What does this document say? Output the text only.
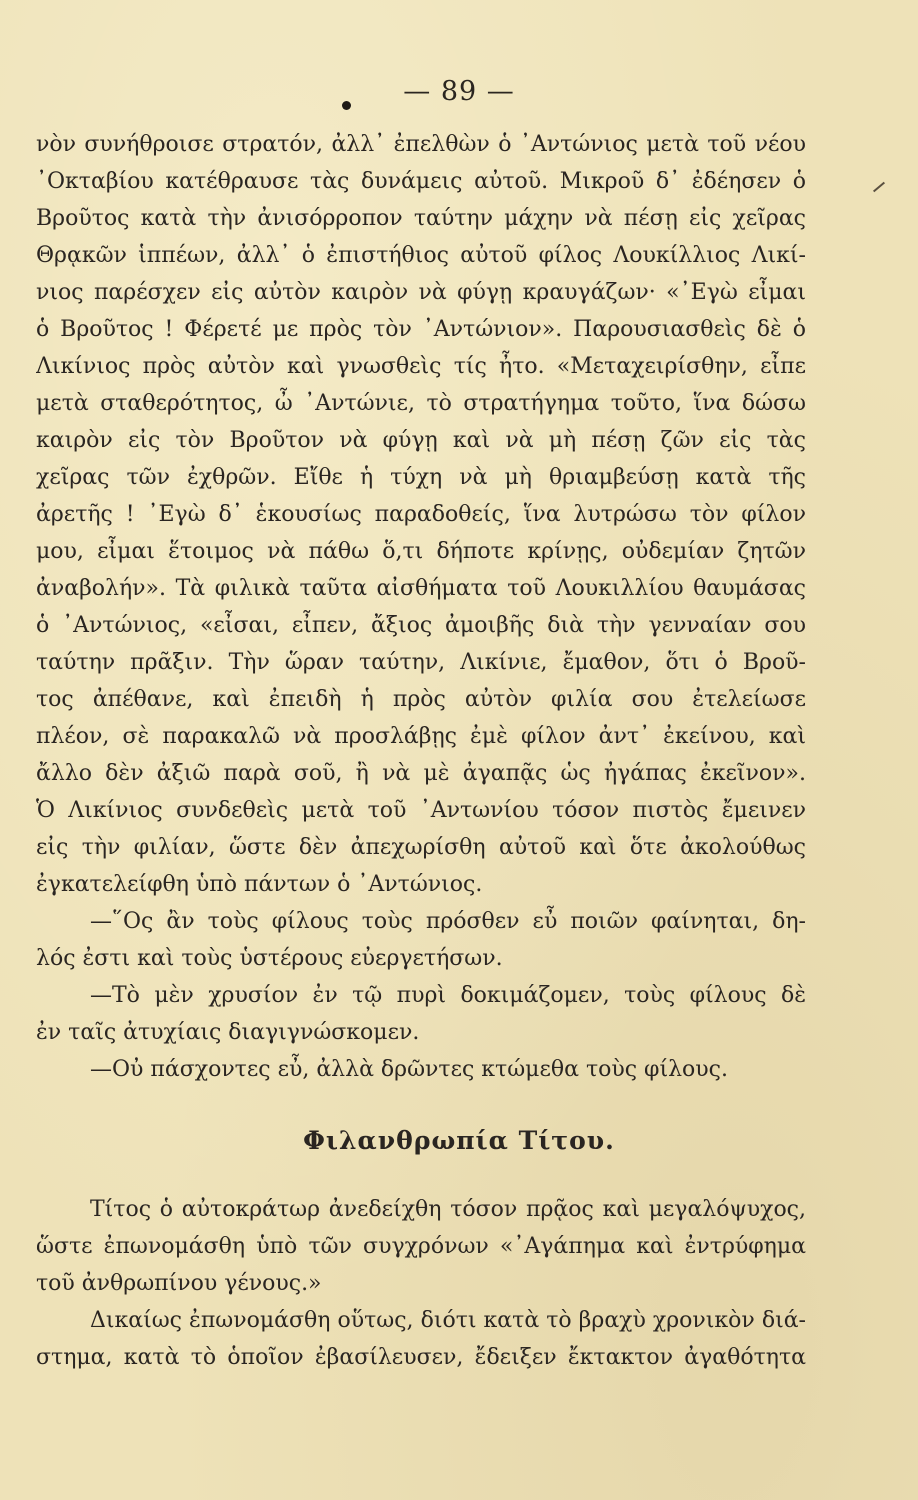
— 89 —
νὸν συνήθροισε στρατόν, ἀλλ᾽ ἐπελθὼν ὁ ᾽Αντώνιος μετὰ τοῦ νέου
᾽Οκταβίου κατέθραυσε τὰς δυνάμεις αὐτοῦ. Μικροῦ δ᾽ ἐδέησεν ὁ
Βροῦτος κατὰ τὴν ἀνισόρροπον ταύτην μάχην νὰ πέσῃ εἰς χεῖρας
Θρᾳκῶν ἱππέων, ἀλλ᾽ ὁ ἐπιστήθιος αὐτοῦ φίλος Λουκίλλιος Λικί-
νιος παρέσχεν εἰς αὐτὸν καιρὸν νὰ φύγῃ κραυγάζων· «᾽Εγὼ εἶμαι
ὁ Βροῦτος ! Φέρετέ με πρὸς τὸν ᾽Αντώνιον». Παρουσιασθεὶς δὲ ὁ
Λικίνιος πρὸς αὐτὸν καὶ γνωσθεὶς τίς ἦτο. «Μεταχειρίσθην, εἶπε
μετὰ σταθερότητος, ὦ ᾽Αντώνιε, τὸ στρατήγημα τοῦτο, ἵνα δώσω
καιρὸν εἰς τὸν Βροῦτον νὰ φύγῃ καὶ νὰ μὴ πέσῃ ζῶν εἰς τὰς
χεῖρας τῶν ἐχθρῶν. Εἴθε ἡ τύχη νὰ μὴ θριαμβεύσῃ κατὰ τῆς
ἀρετῆς ! ᾽Εγὼ δ᾽ ἑκουσίως παραδοθείς, ἵνα λυτρώσω τὸν φίλον
μου, εἶμαι ἕτοιμος νὰ πάθω ὅ,τι δήποτε κρίνῃς, οὐδεμίαν ζητῶν
ἀναβολήν». Τὰ φιλικὰ ταῦτα αἰσθήματα τοῦ Λουκιλλίου θαυμάσας
ὁ ᾽Αντώνιος, «εἶσαι, εἶπεν, ἄξιος ἀμοιβῆς διὰ τὴν γενναίαν σου
ταύτην πρᾶξιν. Τὴν ὥραν ταύτην, Λικίνιε, ἔμαθον, ὅτι ὁ Βροῦ-
τος ἀπέθανε, καὶ ἐπειδὴ ἡ πρὸς αὐτὸν φιλία σου ἐτελείωσε
πλέον, σὲ παρακαλῶ νὰ προσλάβῃς ἐμὲ φίλον ἀντ᾽ ἐκείνου, καὶ
ἄλλο δὲν ἀξιῶ παρὰ σοῦ, ἢ νὰ μὲ ἀγαπᾷς ὡς ἠγάπας ἐκεῖνον».
Ὁ Λικίνιος συνδεθεὶς μετὰ τοῦ ᾽Αντωνίου τόσον πιστὸς ἔμεινεν
εἰς τὴν φιλίαν, ὥστε δὲν ἀπεχωρίσθη αὐτοῦ καὶ ὅτε ἀκολούθως
ἐγκατελείφθη ὑπὸ πάντων ὁ ᾽Αντώνιος.
—῞Ος ἂν τοὺς φίλους τοὺς πρόσθεν εὖ ποιῶν φαίνηται, δη-
λός ἐστι καὶ τοὺς ὑστέρους εὐεργετήσων.
—Τὸ μὲν χρυσίον ἐν τῷ πυρὶ δοκιμάζομεν, τοὺς φίλους δὲ
ἐν ταῖς ἀτυχίαις διαγιγνώσκομεν.
—Οὐ πάσχοντες εὖ, ἀλλὰ δρῶντες κτώμεθα τοὺς φίλους.
Φιλανθρωπία Τίτου.
Τίτος ὁ αὐτοκράτωρ ἀνεδείχθη τόσον πρᾷος καὶ μεγαλόψυχος,
ὥστε ἐπωνομάσθη ὑπὸ τῶν συγχρόνων «᾽Αγάπημα καὶ ἐντρύφημα
τοῦ ἀνθρωπίνου γένους.»
Δικαίως ἐπωνομάσθη οὕτως, διότι κατὰ τὸ βραχὺ χρονικὸν διά-
στημα, κατὰ τὸ ὁποῖον ἐβασίλευσεν, ἔδειξεν ἔκτακτον ἀγαθότητα
